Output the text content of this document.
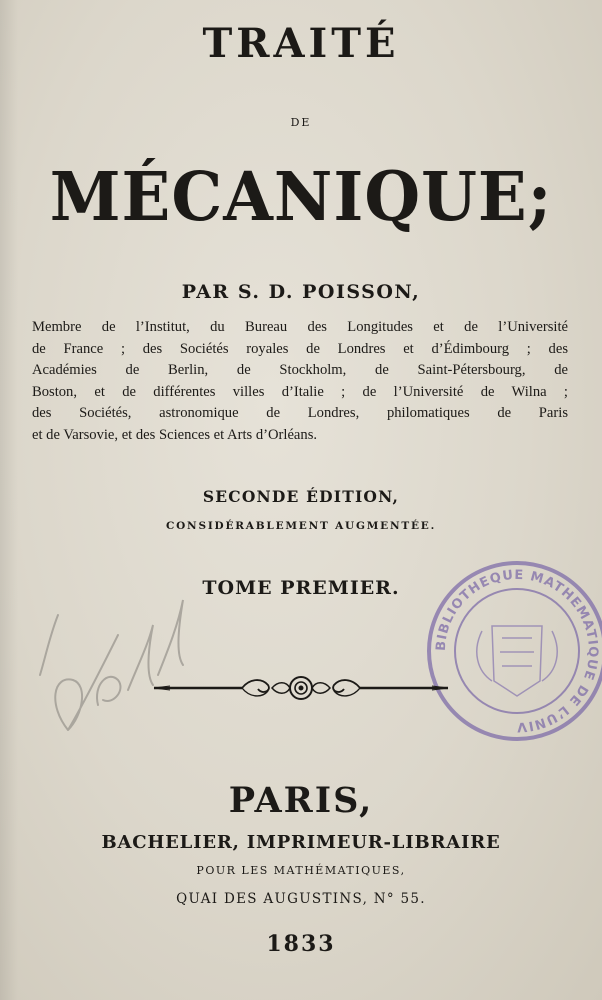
TRAITÉ
DE
MÉCANIQUE;
PAR S. D. POISSON,
Membre de l’Institut, du Bureau des Longitudes et de l’Université
de France ; des Sociétés royales de Londres et d’Édimbourg ; des
Académies de Berlin, de Stockholm, de Saint-Pétersbourg, de
Boston, et de différentes villes d’Italie ; de l’Université de Wilna ;
des Sociétés, astronomique de Londres, philomatiques de Paris
et de Varsovie, et des Sciences et Arts d’Orléans.
SECONDE ÉDITION,
CONSIDÉRABLEMENT AUGMENTÉE.
TOME PREMIER.
BIBLIOTHEQUE MATHEMATIQUE DE L’UNIV
PARIS,
BACHELIER, IMPRIMEUR-LIBRAIRE
POUR LES MATHÉMATIQUES,
QUAI DES AUGUSTINS, N° 55.
1833
